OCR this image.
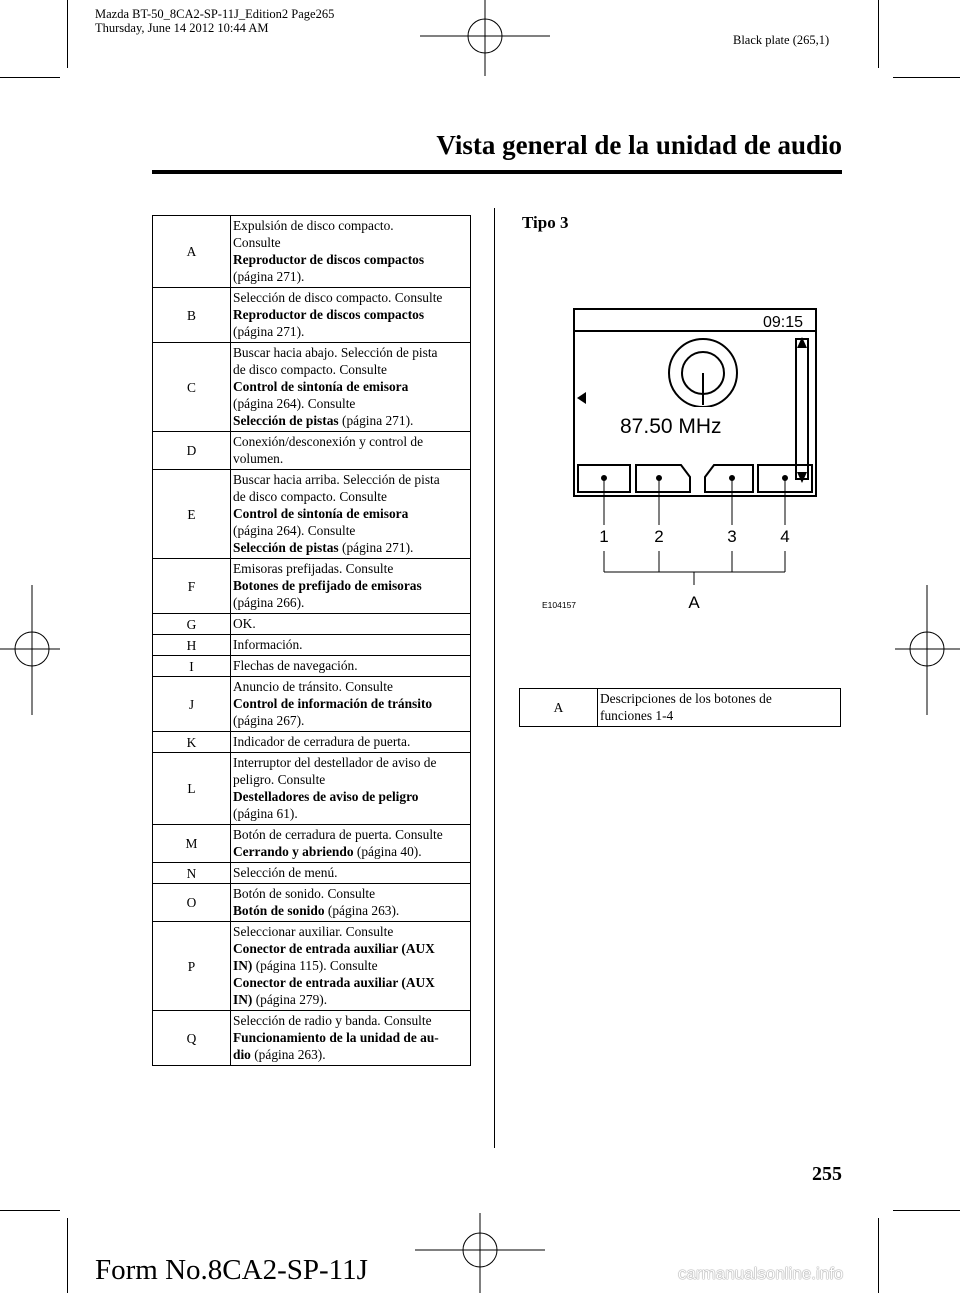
Mazda BT-50_8CA2-SP-11J_Edition2 Page265
Thursday, June 14 2012 10:44 AM
Black plate (265,1)
Vista general de la unidad de audio
A	Expulsión de disco compacto.
Consulte
Reproductor de discos compactos
(página 271).
B	Selección de disco compacto. Consulte
Reproductor de discos compactos
(página 271).
C	Buscar hacia abajo. Selección de pista
de disco compacto. Consulte
Control de sintonía de emisora
(página 264). Consulte
Selección de pistas (página 271).
D	Conexión/desconexión y control de
volumen.
E	Buscar hacia arriba. Selección de pista
de disco compacto. Consulte
Control de sintonía de emisora
(página 264). Consulte
Selección de pistas (página 271).
F	Emisoras prefijadas. Consulte
Botones de prefijado de emisoras
(página 266).
G	OK.
H	Información.
I	Flechas de navegación.
J	Anuncio de tránsito. Consulte
Control de información de tránsito
(página 267).
K	Indicador de cerradura de puerta.
L	Interruptor del destellador de aviso de
peligro. Consulte
Destelladores de aviso de peligro
(página 61).
M	Botón de cerradura de puerta. Consulte
Cerrando y abriendo (página 40).
N	Selección de menú.
O	Botón de sonido. Consulte
Botón de sonido (página 263).
P	Seleccionar auxiliar. Consulte
Conector de entrada auxiliar (AUX
IN) (página 115). Consulte
Conector de entrada auxiliar (AUX
IN) (página 279).
Q	Selección de radio y banda. Consulte
Funcionamiento de la unidad de au-
dio (página 263).
Tipo 3
09:15
87.50 MHz
1	2	3	4
A
E104157
A	Descripciones de los botones de
funciones 1-4
255
Form No.8CA2-SP-11J	carmanualsonline.info
